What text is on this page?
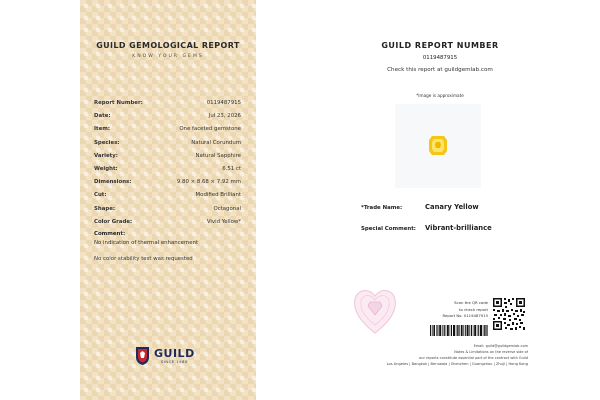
GUILD GEMOLOGICAL REPORT
KNOW YOUR GEMS
Report Number:	0119487915
Date:	Jul 23, 2026
Item:	One faceted gemstone
Species:	Natural Corundum
Variety:	Natural Sapphire
Weight:	6.51 ct
Dimensions:	9.80 × 8.68 × 7.92 mm
Cut:	Modified Brilliant
Shape:	Octagonal
Color Grade:	Vivid Yellow*
Comment:
No indication of thermal enhancement
No color stability test was requested
GUILD
SINCE 1980
GUILD REPORT NUMBER
0119487915
Check this report at guildgemlab.com
*Image is approximate
*Trade Name:	Canary Yellow
Special Comment: Vibrant-brilliance
Scan the QR code
to check report
Report No. 0119487915
Email: guild@guildgemlab.com
Notes & Limitations on the reverse side of
our reports constitute essential part of the contract with Guild
Los Angeles | Bangkok | Beruwala | Shenzhen | Guangzhou | Zhuji | Hong Kong
